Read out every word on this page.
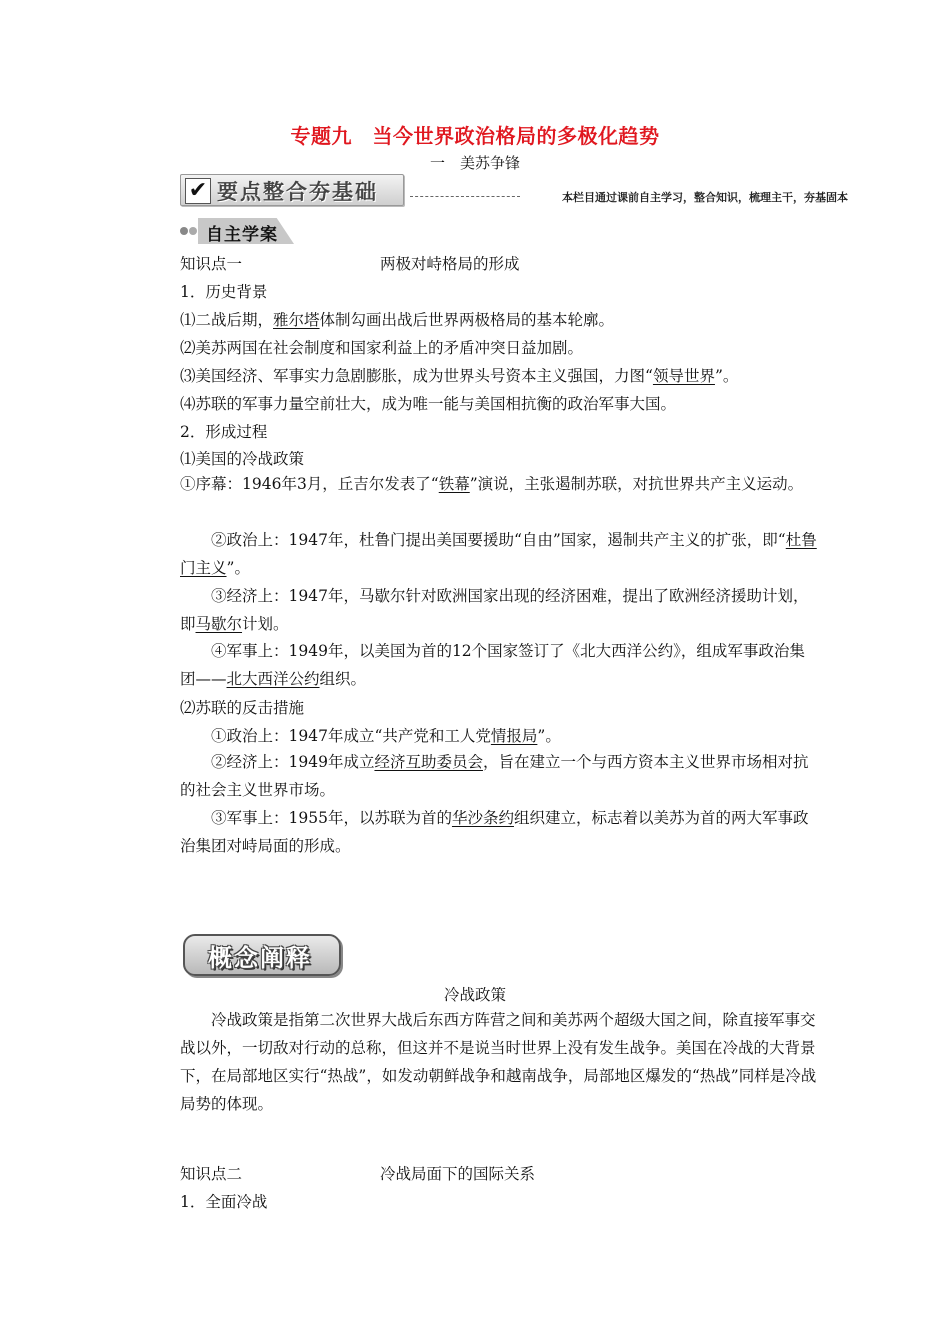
专题九　当今世界政治格局的多极化趋势
一　美苏争锋
✔ 要点整合夯基础	本栏目通过课前自主学习，整合知识，梳理主干，夯基固本
自主学案
知识点一	两极对峙格局的形成
1．历史背景
⑴二战后期，雅尔塔体制勾画出战后世界两极格局的基本轮廓。
⑵美苏两国在社会制度和国家利益上的矛盾冲突日益加剧。
⑶美国经济、军事实力急剧膨胀，成为世界头号资本主义强国，力图“领导世界”。
⑷苏联的军事力量空前壮大，成为唯一能与美国相抗衡的政治军事大国。
2．形成过程
⑴美国的冷战政策
①序幕：1946年3月，丘吉尔发表了“铁幕”演说，主张遏制苏联，对抗世界共产主义运动。
②政治上：1947年，杜鲁门提出美国要援助“自由”国家，遏制共产主义的扩张，即“杜鲁门主义”。
③经济上：1947年，马歇尔针对欧洲国家出现的经济困难，提出了欧洲经济援助计划，即马歇尔计划。
④军事上：1949年，以美国为首的12个国家签订了《北大西洋公约》，组成军事政治集团——北大西洋公约组织。
⑵苏联的反击措施
①政治上：1947年成立“共产党和工人党情报局”。
②经济上：1949年成立经济互助委员会，旨在建立一个与西方资本主义世界市场相对抗的社会主义世界市场。
③军事上：1955年，以苏联为首的华沙条约组织建立，标志着以美苏为首的两大军事政治集团对峙局面的形成。
概念阐释
冷战政策
冷战政策是指第二次世界大战后东西方阵营之间和美苏两个超级大国之间，除直接军事交战以外，一切敌对行动的总称，但这并不是说当时世界上没有发生战争。美国在冷战的大背景下，在局部地区实行“热战”，如发动朝鲜战争和越南战争，局部地区爆发的“热战”同样是冷战局势的体现。
知识点二	冷战局面下的国际关系
1．全面冷战
